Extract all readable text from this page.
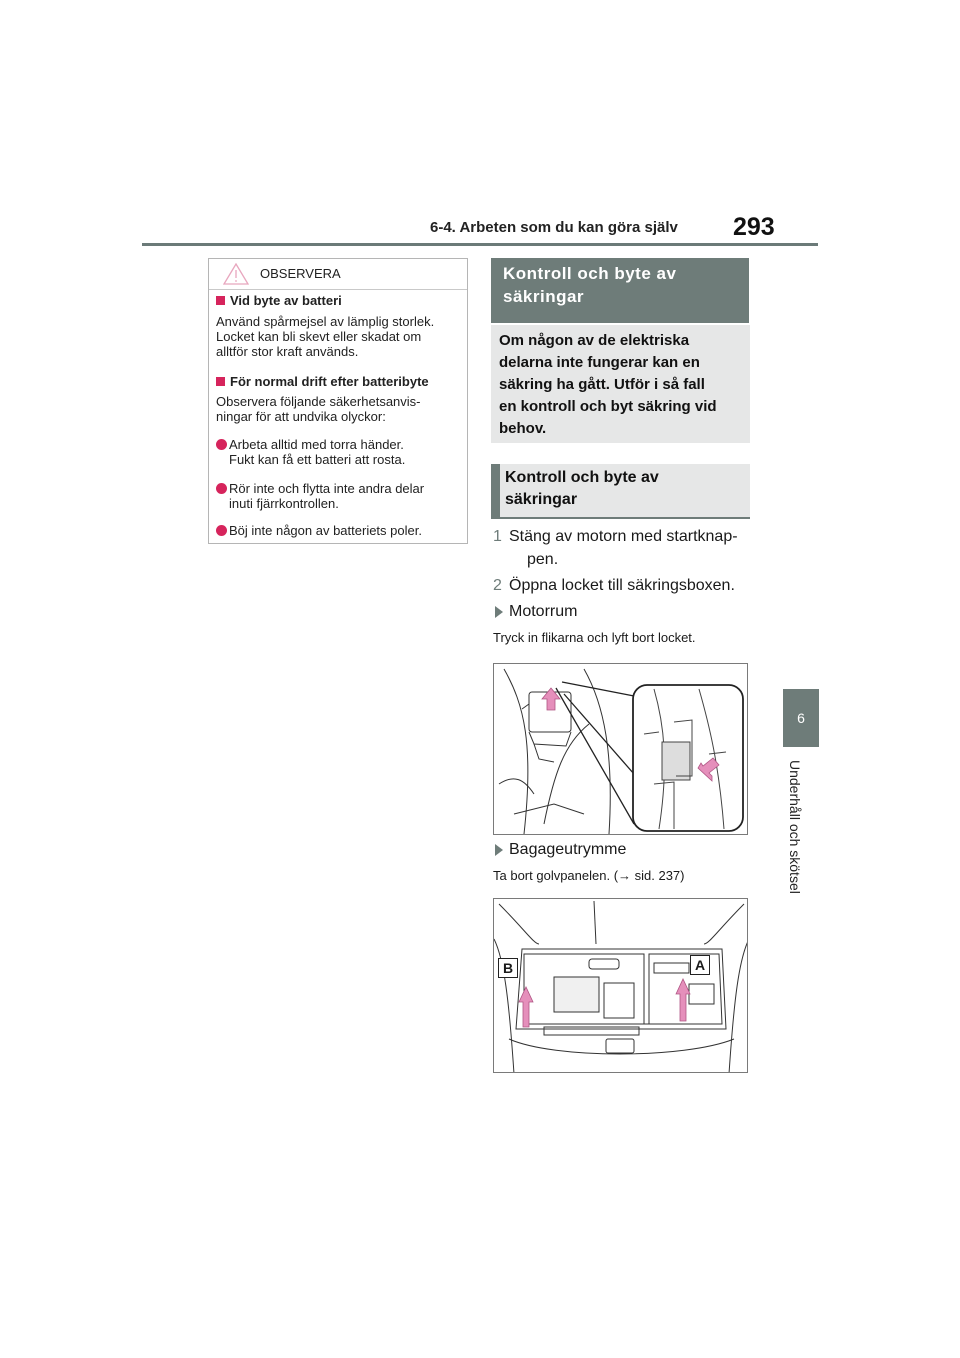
6-4. Arbeten som du kan göra själv 293
6
Underhåll och skötsel
OBSERVERA
Vid byte av batteri
Använd spårmejsel av lämplig storlek.
Locket kan bli skevt eller skadat om
alltför stor kraft används.
För normal drift efter batteribyte
Observera följande säkerhetsanvis-
ningar för att undvika olyckor:
Arbeta alltid med torra händer.
Fukt kan få ett batteri att rosta.
Rör inte och flytta inte andra delar
inuti fjärrkontrollen.
Böj inte någon av batteriets poler.
Kontroll och byte av
säkringar
Om någon av de elektriska
delarna inte fungerar kan en
säkring ha gått. Utför i så fall
en kontroll och byt säkring vid
behov.
Kontroll och byte av
säkringar
1 Stäng av motorn med startknap-
pen.
2 Öppna locket till säkringsboxen.
Motorrum
Tryck in flikarna och lyft bort locket.
Bagageutrymme
Ta bort golvpanelen. (→ sid. 237)
B	A
